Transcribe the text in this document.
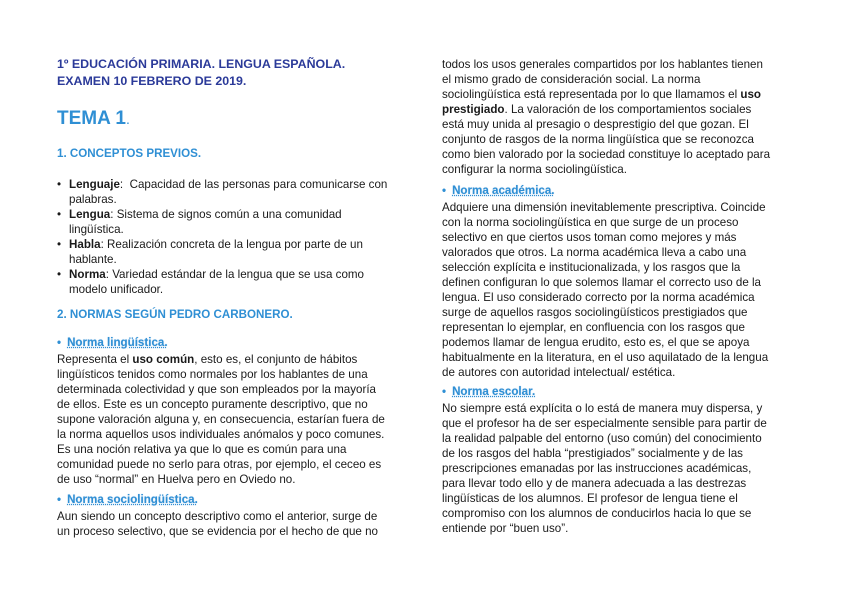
1º EDUCACIÓN PRIMARIA. LENGUA ESPAÑOLA.
EXAMEN 10 FEBRERO DE 2019.
TEMA 1.
1. CONCEPTOS PREVIOS.
• Lenguaje:  Capacidad de las personas para comunicarse con
palabras.
• Lengua: Sistema de signos común a una comunidad
lingüística.
• Habla: Realización concreta de la lengua por parte de un
hablante.
• Norma: Variedad estándar de la lengua que se usa como
modelo unificador.
2. NORMAS SEGÚN PEDRO CARBONERO.
• Norma lingüística.
Representa el uso común, esto es, el conjunto de hábitos
lingüísticos tenidos como normales por los hablantes de una
determinada colectividad y que son empleados por la mayoría
de ellos. Este es un concepto puramente descriptivo, que no
supone valoración alguna y, en consecuencia, estarían fuera de
la norma aquellos usos individuales anómalos y poco comunes.
Es una noción relativa ya que lo que es común para una
comunidad puede no serlo para otras, por ejemplo, el ceceo es
de uso “normal” en Huelva pero en Oviedo no.
• Norma sociolingüística.
Aun siendo un concepto descriptivo como el anterior, surge de
un proceso selectivo, que se evidencia por el hecho de que no
todos los usos generales compartidos por los hablantes tienen
el mismo grado de consideración social. La norma
sociolingüística está representada por lo que llamamos el uso
prestigiado. La valoración de los comportamientos sociales
está muy unida al presagio o desprestigio del que gozan. El
conjunto de rasgos de la norma lingüística que se reconozca
como bien valorado por la sociedad constituye lo aceptado para
configurar la norma sociolingüística.
• Norma académica.
Adquiere una dimensión inevitablemente prescriptiva. Coincide
con la norma sociolingüística en que surge de un proceso
selectivo en que ciertos usos toman como mejores y más
valorados que otros. La norma académica lleva a cabo una
selección explícita e institucionalizada, y los rasgos que la
definen configuran lo que solemos llamar el correcto uso de la
lengua. El uso considerado correcto por la norma académica
surge de aquellos rasgos sociolingüísticos prestigiados que
representan lo ejemplar, en confluencia con los rasgos que
podemos llamar de lengua erudito, esto es, el que se apoya
habitualmente en la literatura, en el uso aquilatado de la lengua
de autores con autoridad intelectual/ estética.
• Norma escolar.
No siempre está explícita o lo está de manera muy dispersa, y
que el profesor ha de ser especialmente sensible para partir de
la realidad palpable del entorno (uso común) del conocimiento
de los rasgos del habla “prestigiados” socialmente y de las
prescripciones emanadas por las instrucciones académicas,
para llevar todo ello y de manera adecuada a las destrezas
lingüísticas de los alumnos. El profesor de lengua tiene el
compromiso con los alumnos de conducirlos hacia lo que se
entiende por “buen uso”.
